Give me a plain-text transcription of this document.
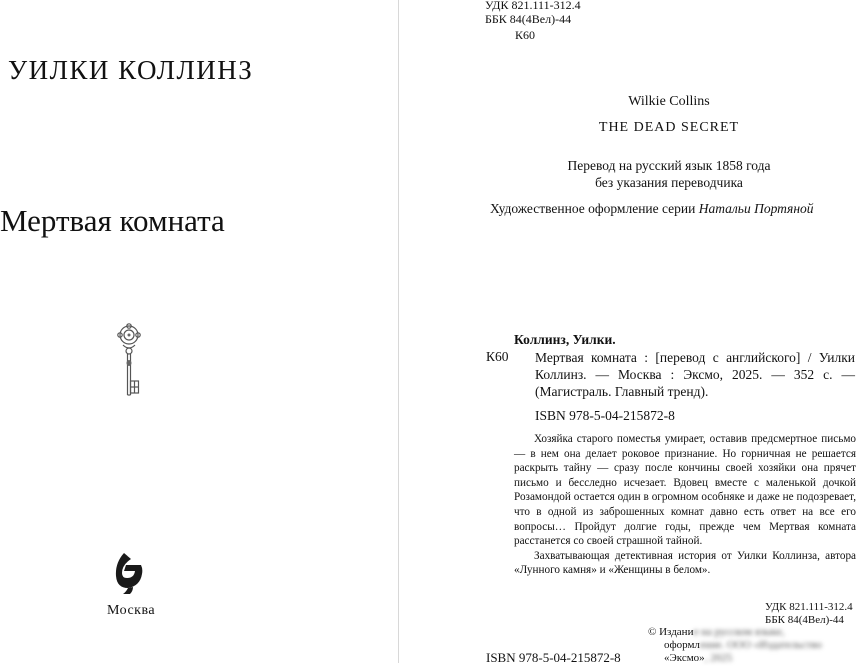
УИЛКИ КОЛЛИНЗ
Мертвая комната
Москва
УДК 821.111-312.4
ББК 84(4Вел)-44
К60
Wilkie Collins
THE DEAD SECRET
Перевод на русский язык 1858 года
без указания переводчика
Художественное оформление серии Натальи Портяной
Коллинз, Уилки.
К60 Мертвая комната : [перевод с английского] / Уилки Коллинз. — Москва : Эксмо, 2025. — 352 с. — (Магистраль. Главный тренд).
ISBN 978-5-04-215872-8

Хозяйка старого поместья умирает, оставив предсмертное письмо — в нем она делает роковое признание. Но горничная не решается раскрыть тайну — сразу после кончины своей хозяйки она прячет письмо и бесследно исчезает. Вдовец вместе с маленькой дочкой Розамондой остается один в огромном особняке и даже не подозревает, что в одной из заброшенных комнат давно есть ответ на все его вопросы… Пройдут долгие годы, прежде чем Мертвая комната расстанется со своей страшной тайной.

Захватывающая детективная история от Уилки Коллинза, автора «Лунного камня» и «Женщины в белом».

УДК 821.111-312.4
ББК 84(4Вел)-44
© Издание на русском языке,
оформление. ООО «Издательство
«Эксмо», 2025
ISBN 978-5-04-215872-8
